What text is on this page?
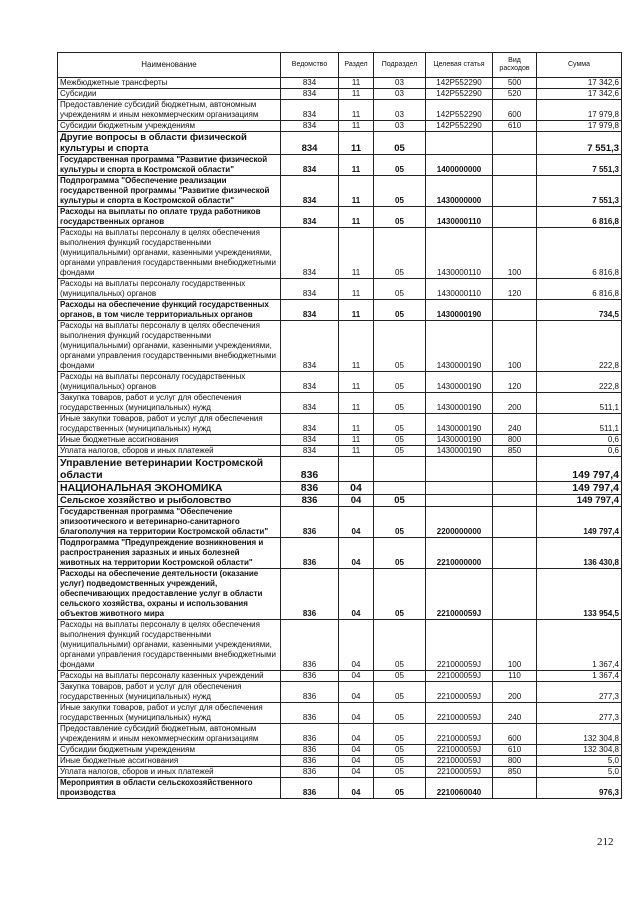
Наименование	Ведомство	Раздел	Подраздел	Целевая статья	Вид расходов	Сумма
Межбюджетные трансферты	834	11	03	142P552290	500	17 342,6
Субсидии	834	11	03	142P552290	520	17 342,6
Предоставление субсидий бюджетным, автономным учреждениям и иным некоммерческим организациям	834	11	03	142P552290	600	17 979,8
Субсидии бюджетным учреждениям	834	11	03	142P552290	610	17 979,8
Другие вопросы в области физической культуры и спорта	834	11	05			7 551,3
Государственная программа "Развитие физической культуры и спорта в Костромской области"	834	11	05	1400000000		7 551,3
Подпрограмма "Обеспечение реализации государственной программы "Развитие физической культуры и спорта в Костромской области"	834	11	05	1430000000		7 551,3
Расходы на выплаты по оплате труда работников государственных органов	834	11	05	1430000110		6 816,8
Расходы на выплаты персоналу в целях обеспечения выполнения функций государственными (муниципальными) органами, казенными учреждениями, органами управления государственными внебюджетными фондами	834	11	05	1430000110	100	6 816,8
Расходы на выплаты персоналу государственных (муниципальных) органов	834	11	05	1430000110	120	6 816,8
Расходы на обеспечение функций государственных органов, в том числе территориальных органов	834	11	05	1430000190		734,5
Расходы на выплаты персоналу в целях обеспечения выполнения функций государственными (муниципальными) органами, казенными учреждениями, органами управления государственными внебюджетными фондами	834	11	05	1430000190	100	222,8
Расходы на выплаты персоналу государственных (муниципальных) органов	834	11	05	1430000190	120	222,8
Закупка товаров, работ и услуг для обеспечения государственных (муниципальных) нужд	834	11	05	1430000190	200	511,1
Иные закупки товаров, работ и услуг для обеспечения государственных (муниципальных) нужд	834	11	05	1430000190	240	511,1
Иные бюджетные ассигнования	834	11	05	1430000190	800	0,6
Уплата налогов, сборов и иных платежей	834	11	05	1430000190	850	0,6
Управление ветеринарии Костромской области	836					149 797,4
НАЦИОНАЛЬНАЯ ЭКОНОМИКА	836	04				149 797,4
Сельское хозяйство и рыболовство	836	04	05			149 797,4
Государственная программа "Обеспечение эпизоотического и ветеринарно-санитарного благополучия на территории Костромской области"	836	04	05	2200000000		149 797,4
Подпрограмма "Предупреждение возникновения и распространения заразных и иных болезней животных на территории Костромской области"	836	04	05	2210000000		136 430,8
Расходы на обеспечение деятельности (оказание услуг) подведомственных учреждений, обеспечивающих предоставление услуг в области сельского хозяйства, охраны и использования объектов животного мира	836	04	05	221000059J		133 954,5
Расходы на выплаты персоналу в целях обеспечения выполнения функций государственными (муниципальными) органами, казенными учреждениями, органами управления государственными внебюджетными фондами	836	04	05	221000059J	100	1 367,4
Расходы на выплаты персоналу казенных учреждений	836	04	05	221000059J	110	1 367,4
Закупка товаров, работ и услуг для обеспечения государственных (муниципальных) нужд	836	04	05	221000059J	200	277,3
Иные закупки товаров, работ и услуг для обеспечения государственных (муниципальных) нужд	836	04	05	221000059J	240	277,3
Предоставление субсидий бюджетным, автономным учреждениям и иным некоммерческим организациям	836	04	05	221000059J	600	132 304,8
Субсидии бюджетным учреждениям	836	04	05	221000059J	610	132 304,8
Иные бюджетные ассигнования	836	04	05	221000059J	800	5,0
Уплата налогов, сборов и иных платежей	836	04	05	221000059J	850	5,0
Мероприятия в области сельскохозяйственного производства	836	04	05	2210060040		976,3
212
